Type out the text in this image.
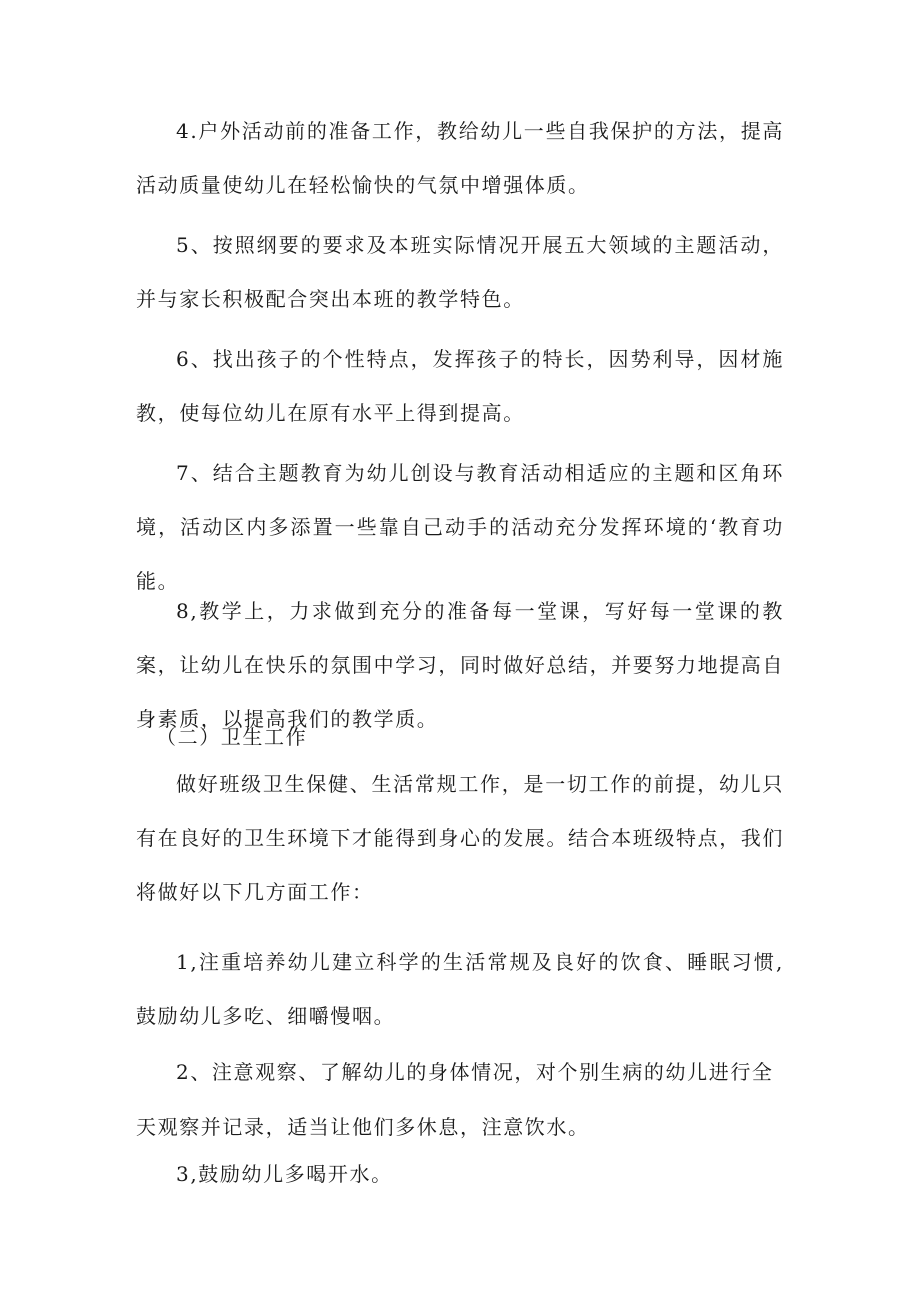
4.户外活动前的准备工作，教给幼儿一些自我保护的方法，提高活动质量使幼儿在轻松愉快的气氛中增强体质。

5、按照纲要的要求及本班实际情况开展五大领域的主题活动，并与家长积极配合突出本班的教学特色。

6、找出孩子的个性特点，发挥孩子的特长，因势利导，因材施教，使每位幼儿在原有水平上得到提高。

7、结合主题教育为幼儿创设与教育活动相适应的主题和区角环境，活动区内多添置一些靠自己动手的活动充分发挥环境的‘教育功能。

8,教学上，力求做到充分的准备每一堂课，写好每一堂课的教案，让幼儿在快乐的氛围中学习，同时做好总结，并要努力地提高自身素质，以提高我们的教学质。

（二）卫生工作

做好班级卫生保健、生活常规工作，是一切工作的前提，幼儿只有在良好的卫生环境下才能得到身心的发展。结合本班级特点，我们将做好以下几方面工作：

1,注重培养幼儿建立科学的生活常规及良好的饮食、睡眠习惯,鼓励幼儿多吃、细嚼慢咽。

2、注意观察、了解幼儿的身体情况，对个别生病的幼儿进行全

天观察并记录，适当让他们多休息，注意饮水。

3,鼓励幼儿多喝开水。
